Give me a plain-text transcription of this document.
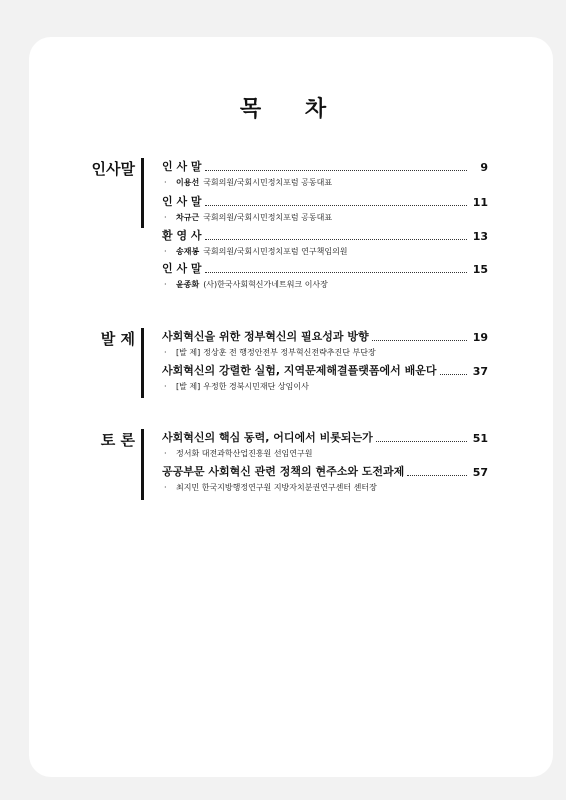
목 차
인사말 인 사 말	9
· 이용선 국회의원/국회시민정치포럼 공동대표
인 사 말	11
· 차규근 국회의원/국회시민정치포럼 공동대표
환 영 사	13
· 송재봉 국회의원/국회시민정치포럼 연구책임의원
인 사 말	15
· 윤종화 (사)한국사회혁신가네트워크 이사장
발 제 사회혁신을 위한 정부혁신의 필요성과 방향	19
· [발 제] 정상훈 전 행정안전부 정부혁신전략추진단 부단장
사회혁신의 강렬한 실험, 지역문제해결플랫폼에서 배운다	37
· [발 제] 우정한 경북시민재단 상임이사
토 론 사회혁신의 핵심 동력, 어디에서 비롯되는가	51
· 정서화 대전과학산업진흥원 선임연구원
공공부문 사회혁신 관련 정책의 현주소와 도전과제	57
· 최지민 한국지방행정연구원 지방자치분권연구센터 센터장
